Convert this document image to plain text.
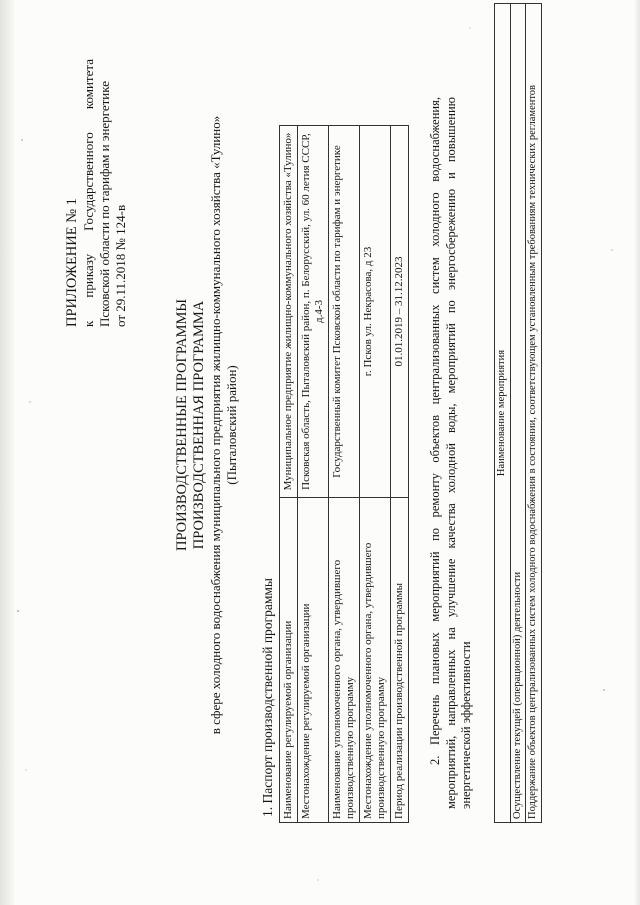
ПРИЛОЖЕНИЕ № 1 к приказу Государственного комитета Псковской области по тарифам и энергетике от 29.11.2018 № 124-в
ПРОИЗВОДСТВЕННЫЕ ПРОГРАММЫ ПРОИЗВОДСТВЕННАЯ ПРОГРАММА в сфере холодного водоснабжения муниципального предприятия жилищно-коммунального хозяйства «Тулино» (Пыталовский район)
1. Паспорт производственной программы Наименование регулируемой организации	Муниципальное предприятие жилищно-коммунального хозяйства «Тулино»
Местонахождение регулируемой организации	Псковская область, Пыталовский район, п. Белорусский, ул. 60 летия СССР, д.4-3
Наименование уполномоченного органа, утвердившего производственную программу	Государственный комитет Псковской области по тарифам и энергетике
Местонахождение уполномоченного органа, утвердившего производственную программу	г. Псков ул. Некрасова, д 23
Период реализации производственной программы	01.01.2019 – 31.12.2023 2. Перечень плановых мероприятий по ремонту объектов централизованных систем холодного водоснабжения, мероприятий, направленных на улучшение качества холодной воды, мероприятий по энергосбережению и повышению энергетической эффективности
Наименование мероприятия
Осуществление текущей (операционной) деятельности
Поддержание объектов централизованных систем холодного водоснабжения в состоянии, соответствующем установленным требованиям технических регламентов
